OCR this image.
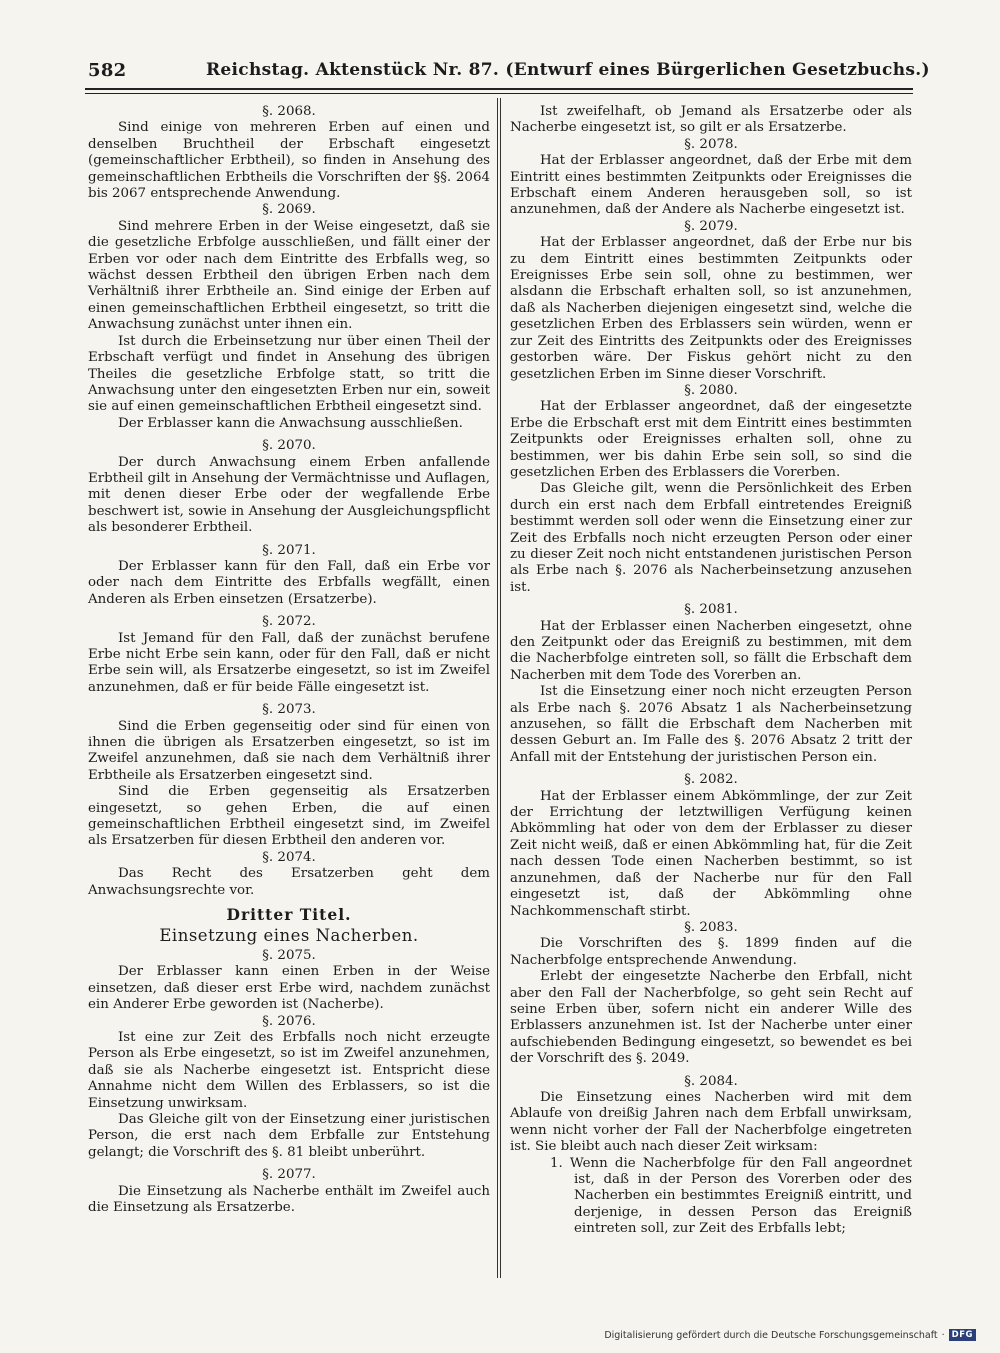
582	Reichstag. Aktenstück Nr. 87. (Entwurf eines Bürgerlichen Gesetzbuchs.)

§. 2068.

Sind einige von mehreren Erben auf einen und denselben Bruchtheil der Erbschaft eingesetzt (gemeinschaftlicher Erbtheil), so finden in Ansehung des gemeinschaftlichen Erbtheils die Vorschriften der §§. 2064 bis 2067 entsprechende Anwendung.

§. 2069.

Sind mehrere Erben in der Weise eingesetzt, daß sie die gesetzliche Erbfolge ausschließen, und fällt einer der Erben vor oder nach dem Eintritte des Erbfalls weg, so wächst dessen Erbtheil den übrigen Erben nach dem Verhältniß ihrer Erbtheile an. Sind einige der Erben auf einen gemeinschaftlichen Erbtheil eingesetzt, so tritt die Anwachsung zunächst unter ihnen ein.

Ist durch die Erbeinsetzung nur über einen Theil der Erbschaft verfügt und findet in Ansehung des übrigen Theiles die gesetzliche Erbfolge statt, so tritt die Anwachsung unter den eingesetzten Erben nur ein, soweit sie auf einen gemeinschaftlichen Erbtheil eingesetzt sind.

Der Erblasser kann die Anwachsung ausschließen.

§. 2070.

Der durch Anwachsung einem Erben anfallende Erbtheil gilt in Ansehung der Vermächtnisse und Auflagen, mit denen dieser Erbe oder der wegfallende Erbe beschwert ist, sowie in Ansehung der Ausgleichungspflicht als besonderer Erbtheil.

§. 2071.

Der Erblasser kann für den Fall, daß ein Erbe vor oder nach dem Eintritte des Erbfalls wegfällt, einen Anderen als Erben einsetzen (Ersatzerbe).

§. 2072.

Ist Jemand für den Fall, daß der zunächst berufene Erbe nicht Erbe sein kann, oder für den Fall, daß er nicht Erbe sein will, als Ersatzerbe eingesetzt, so ist im Zweifel anzunehmen, daß er für beide Fälle eingesetzt ist.

§. 2073.

Sind die Erben gegenseitig oder sind für einen von ihnen die übrigen als Ersatzerben eingesetzt, so ist im Zweifel anzunehmen, daß sie nach dem Verhältniß ihrer Erbtheile als Ersatzerben eingesetzt sind.

Sind die Erben gegenseitig als Ersatzerben eingesetzt, so gehen Erben, die auf einen gemeinschaftlichen Erbtheil eingesetzt sind, im Zweifel als Ersatzerben für diesen Erbtheil den anderen vor.

§. 2074.

Das Recht des Ersatzerben geht dem Anwachsungsrechte vor.

Dritter Titel.

Einsetzung eines Nacherben.

§. 2075.

Der Erblasser kann einen Erben in der Weise einsetzen, daß dieser erst Erbe wird, nachdem zunächst ein Anderer Erbe geworden ist (Nacherbe).

§. 2076.

Ist eine zur Zeit des Erbfalls noch nicht erzeugte Person als Erbe eingesetzt, so ist im Zweifel anzunehmen, daß sie als Nacherbe eingesetzt ist. Entspricht diese Annahme nicht dem Willen des Erblassers, so ist die Einsetzung unwirksam.

Das Gleiche gilt von der Einsetzung einer juristischen Person, die erst nach dem Erbfalle zur Entstehung gelangt; die Vorschrift des §. 81 bleibt unberührt.

§. 2077.

Die Einsetzung als Nacherbe enthält im Zweifel auch die Einsetzung als Ersatzerbe.

Ist zweifelhaft, ob Jemand als Ersatzerbe oder als Nacherbe eingesetzt ist, so gilt er als Ersatzerbe.

§. 2078.

Hat der Erblasser angeordnet, daß der Erbe mit dem Eintritt eines bestimmten Zeitpunkts oder Ereignisses die Erbschaft einem Anderen herausgeben soll, so ist anzunehmen, daß der Andere als Nacherbe eingesetzt ist.

§. 2079.

Hat der Erblasser angeordnet, daß der Erbe nur bis zu dem Eintritt eines bestimmten Zeitpunkts oder Ereignisses Erbe sein soll, ohne zu bestimmen, wer alsdann die Erbschaft erhalten soll, so ist anzunehmen, daß als Nacherben diejenigen eingesetzt sind, welche die gesetzlichen Erben des Erblassers sein würden, wenn er zur Zeit des Eintritts des Zeitpunkts oder des Ereignisses gestorben wäre. Der Fiskus gehört nicht zu den gesetzlichen Erben im Sinne dieser Vorschrift.

§. 2080.

Hat der Erblasser angeordnet, daß der eingesetzte Erbe die Erbschaft erst mit dem Eintritt eines bestimmten Zeitpunkts oder Ereignisses erhalten soll, ohne zu bestimmen, wer bis dahin Erbe sein soll, so sind die gesetzlichen Erben des Erblassers die Vorerben.

Das Gleiche gilt, wenn die Persönlichkeit des Erben durch ein erst nach dem Erbfall eintretendes Ereigniß bestimmt werden soll oder wenn die Einsetzung einer zur Zeit des Erbfalls noch nicht erzeugten Person oder einer zu dieser Zeit noch nicht entstandenen juristischen Person als Erbe nach §. 2076 als Nacherbeinsetzung anzusehen ist.

§. 2081.

Hat der Erblasser einen Nacherben eingesetzt, ohne den Zeitpunkt oder das Ereigniß zu bestimmen, mit dem die Nacherbfolge eintreten soll, so fällt die Erbschaft dem Nacherben mit dem Tode des Vorerben an.

Ist die Einsetzung einer noch nicht erzeugten Person als Erbe nach §. 2076 Absatz 1 als Nacherbeinsetzung anzusehen, so fällt die Erbschaft dem Nacherben mit dessen Geburt an. Im Falle des §. 2076 Absatz 2 tritt der Anfall mit der Entstehung der juristischen Person ein.

§. 2082.

Hat der Erblasser einem Abkömmlinge, der zur Zeit der Errichtung der letztwilligen Verfügung keinen Abkömmling hat oder von dem der Erblasser zu dieser Zeit nicht weiß, daß er einen Abkömmling hat, für die Zeit nach dessen Tode einen Nacherben bestimmt, so ist anzunehmen, daß der Nacherbe nur für den Fall eingesetzt ist, daß der Abkömmling ohne Nachkommenschaft stirbt.

§. 2083.

Die Vorschriften des §. 1899 finden auf die Nacherbfolge entsprechende Anwendung.

Erlebt der eingesetzte Nacherbe den Erbfall, nicht aber den Fall der Nacherbfolge, so geht sein Recht auf seine Erben über, sofern nicht ein anderer Wille des Erblassers anzunehmen ist. Ist der Nacherbe unter einer aufschiebenden Bedingung eingesetzt, so bewendet es bei der Vorschrift des §. 2049.

§. 2084.

Die Einsetzung eines Nacherben wird mit dem Ablaufe von dreißig Jahren nach dem Erbfall unwirksam, wenn nicht vorher der Fall der Nacherbfolge eingetreten ist. Sie bleibt auch nach dieser Zeit wirksam:

1. Wenn die Nacherbfolge für den Fall angeordnet ist, daß in der Person des Vorerben oder des Nacherben ein bestimmtes Ereigniß eintritt, und derjenige, in dessen Person das Ereigniß eintreten soll, zur Zeit des Erbfalls lebt;

Digitalisierung gefördert durch die Deutsche Forschungsgemeinschaft · DFG
